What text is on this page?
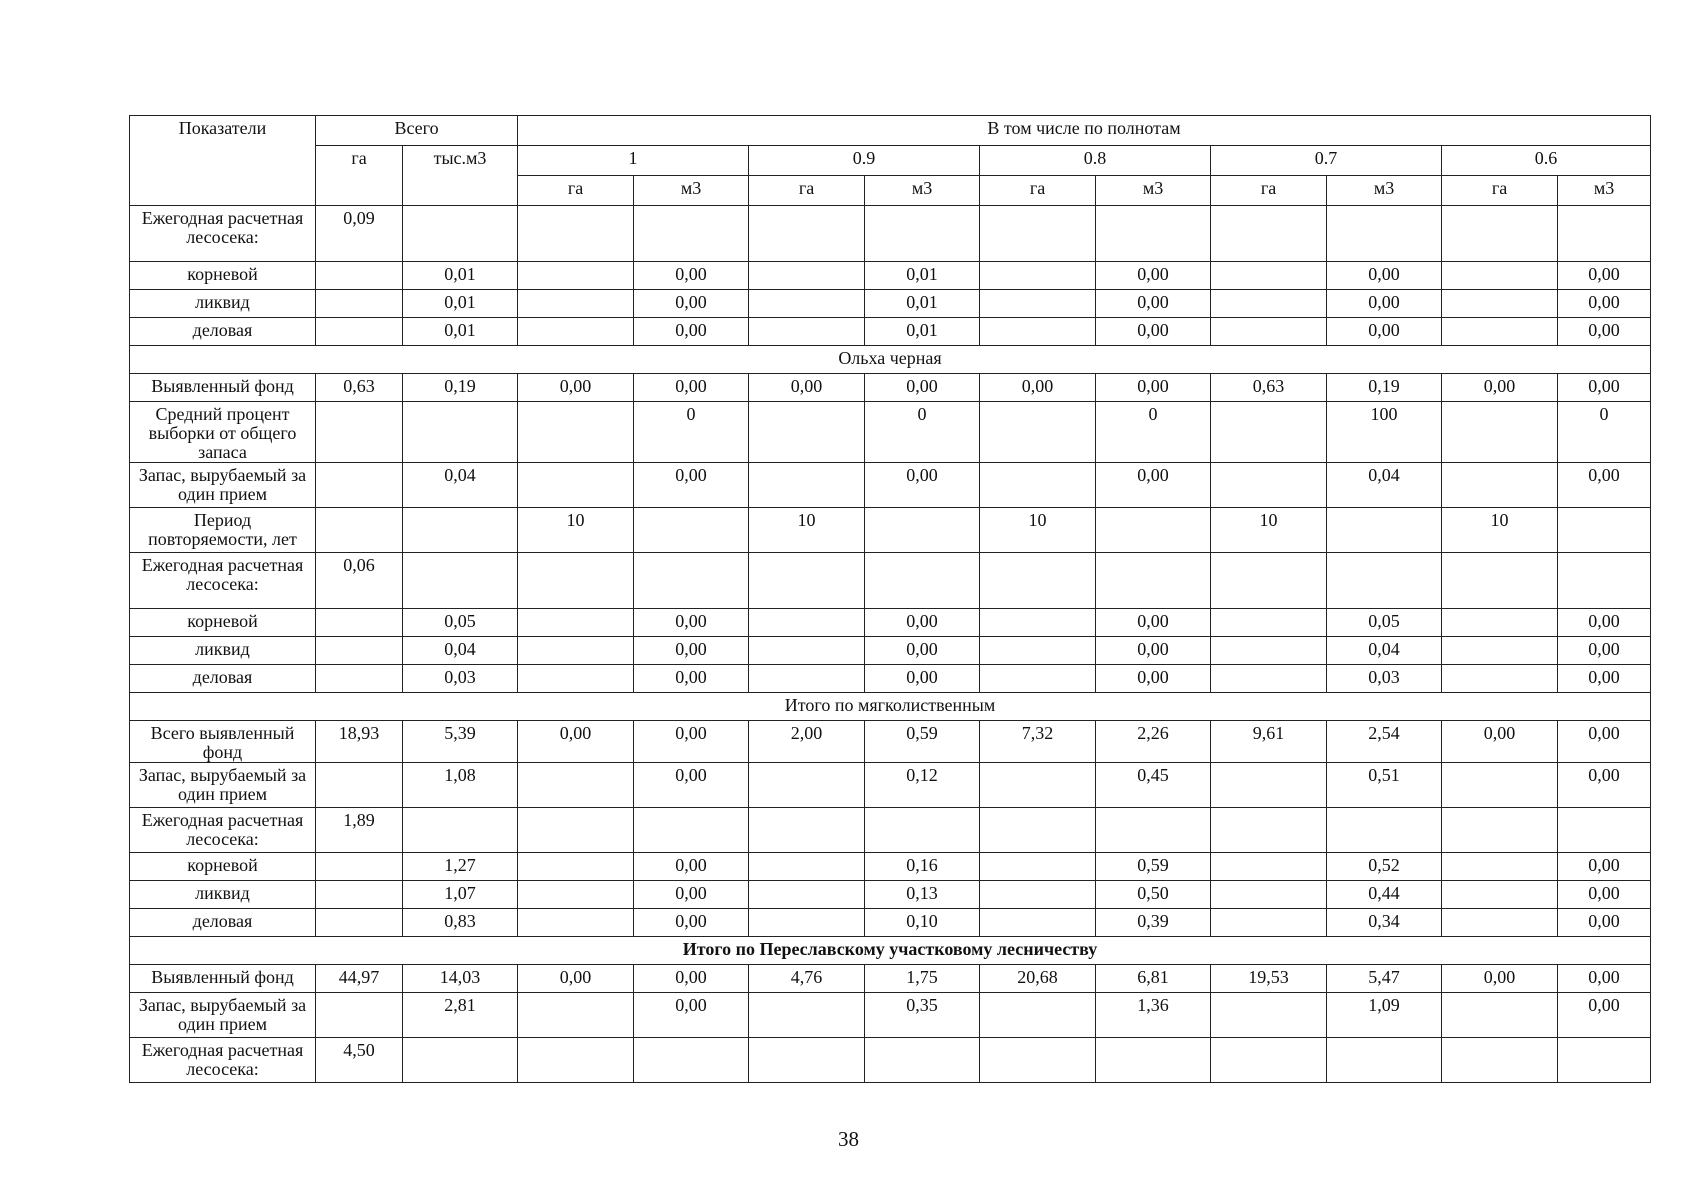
Показатели	Всего		В том числе по полнотам									
	га	тыс.м3	1		0.9		0.8		0.7		0.6	
			га	м3	га	м3	га	м3	га	м3	га	м3
Ежегодная расчетная лесосека:	0,09											
корневой		0,01		0,00		0,01		0,00		0,00		0,00
ликвид		0,01		0,00		0,01		0,00		0,00		0,00
деловая		0,01		0,00		0,01		0,00		0,00		0,00
Ольха черная												
Выявленный фонд	0,63	0,19	0,00	0,00	0,00	0,00	0,00	0,00	0,63	0,19	0,00	0,00
Средний процент выборки от общего запаса				0		0		0		100		0
Запас, вырубаемый за один прием		0,04		0,00		0,00		0,00		0,04		0,00
Период повторяемости, лет			10		10		10		10		10	
Ежегодная расчетная лесосека:	0,06											
корневой		0,05		0,00		0,00		0,00		0,05		0,00
ликвид		0,04		0,00		0,00		0,00		0,04		0,00
деловая		0,03		0,00		0,00		0,00		0,03		0,00
Итого по мягколиственным												
Всего выявленный фонд	18,93	5,39	0,00	0,00	2,00	0,59	7,32	2,26	9,61	2,54	0,00	0,00
Запас, вырубаемый за один прием		1,08		0,00		0,12		0,45		0,51		0,00
Ежегодная расчетная лесосека:	1,89											
корневой		1,27		0,00		0,16		0,59		0,52		0,00
ликвид		1,07		0,00		0,13		0,50		0,44		0,00
деловая		0,83		0,00		0,10		0,39		0,34		0,00
Итого по Переславскому участковому лесничеству												
Выявленный фонд	44,97	14,03	0,00	0,00	4,76	1,75	20,68	6,81	19,53	5,47	0,00	0,00
Запас, вырубаемый за один прием		2,81		0,00		0,35		1,36		1,09		0,00
Ежегодная расчетная лесосека:	4,50											
38
